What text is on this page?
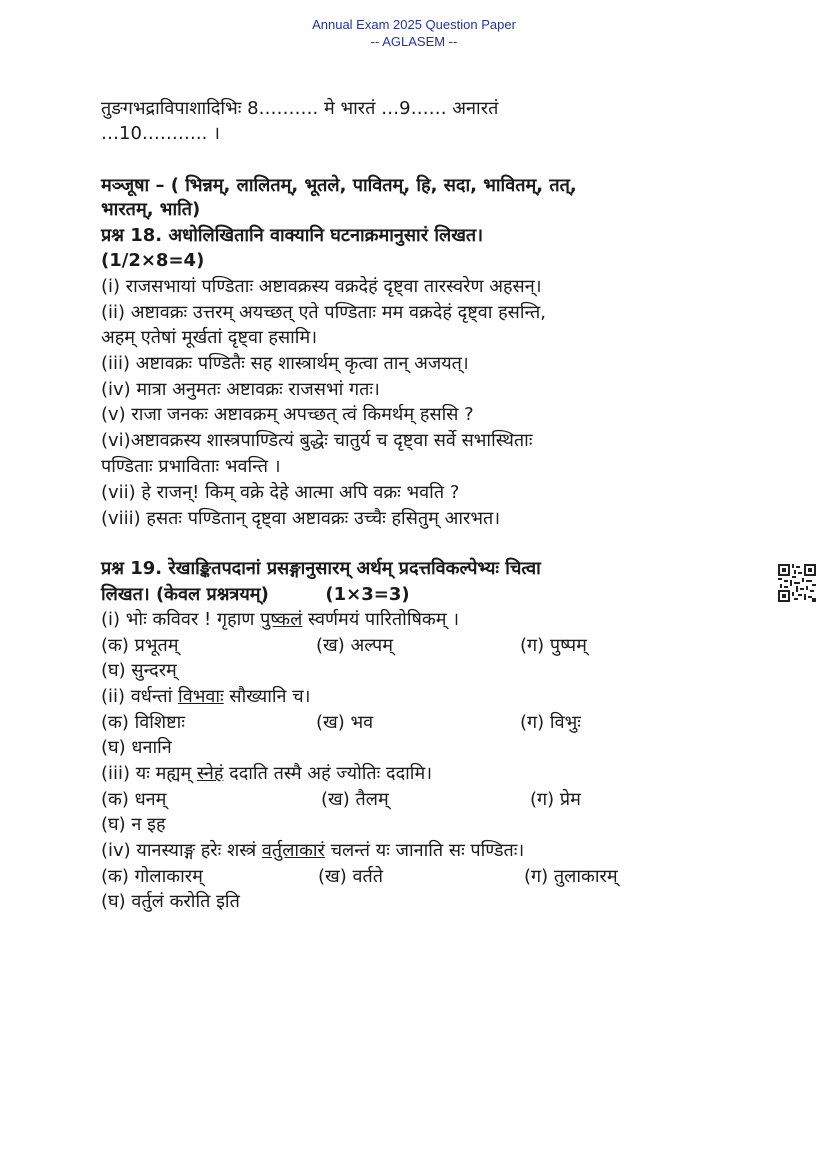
Annual Exam 2025 Question Paper
-- AGLASEM --
तुङगभद्राविपाशादिभिः 8………. मे भारतं …9…… अनारतं
…10……….. ।
मञ्जूषा – ( भिन्नम्, लालितम्, भूतले, पावितम्, हि, सदा, भावितम्, तत्,
भारतम्, भाति)
प्रश्न 18. अधोलिखितानि वाक्यानि घटनाक्रमानुसारं लिखत।
(1/2×8=4)
(i) राजसभायां पण्डिताः अष्टावक्रस्य वक्रदेहं दृष्ट्वा तारस्वरेण अहसन्।
(ii) अष्टावक्रः उत्तरम् अयच्छत् एते पण्डिताः मम वक्रदेहं दृष्ट्वा हसन्ति,
अहम् एतेषां मूर्खतां दृष्ट्वा हसामि।
(iii) अष्टावक्रः पण्डितैः सह शास्त्रार्थम् कृत्वा तान् अजयत्।
(iv) मात्रा अनुमतः अष्टावक्रः राजसभां गतः।
(v) राजा जनकः अष्टावक्रम् अपच्छत् त्वं किमर्थम् हससि ?
(vi)अष्टावक्रस्य शास्त्रपाण्डित्यं बुद्धेः चातुर्य च दृष्ट्वा सर्वे सभास्थिताः
पण्डिताः प्रभाविताः भवन्ति ।
(vii) हे राजन्! किम् वक्रे देहे आत्मा अपि वक्रः भवति ?
(viii) हसतः पण्डितान् दृष्ट्वा अष्टावक्रः उच्चैः हसितुम् आरभत।
प्रश्न 19. रेखाङ्कितपदानां प्रसङ्गानुसारम् अर्थम् प्रदत्तविकल्पेभ्यः चित्वा
लिखत। (केवल प्रश्नत्रयम्)	(1×3=3)
(i) भोः कविवर ! गृहाण पुष्कलं स्वर्णमयं पारितोषिकम् ।
(क) प्रभूतम्	(ख) अल्पम्	(ग) पुष्पम्
(घ) सुन्दरम्
(ii) वर्धन्तां विभवाः सौख्यानि च।
(क) विशिष्टाः	(ख) भव	(ग) विभुः
(घ) धनानि
(iii) यः मह्यम् स्नेहं ददाति तस्मै अहं ज्योतिः ददामि।
(क) धनम्	(ख) तैलम्	(ग) प्रेम
(घ) न इह
(iv) यानस्याङ्ग हरेः शस्त्रं वर्तुलाकारं चलन्तं यः जानाति सः पण्डितः।
(क) गोलाकारम्	(ख) वर्तते	(ग) तुलाकारम्
(घ) वर्तुलं करोति इति
